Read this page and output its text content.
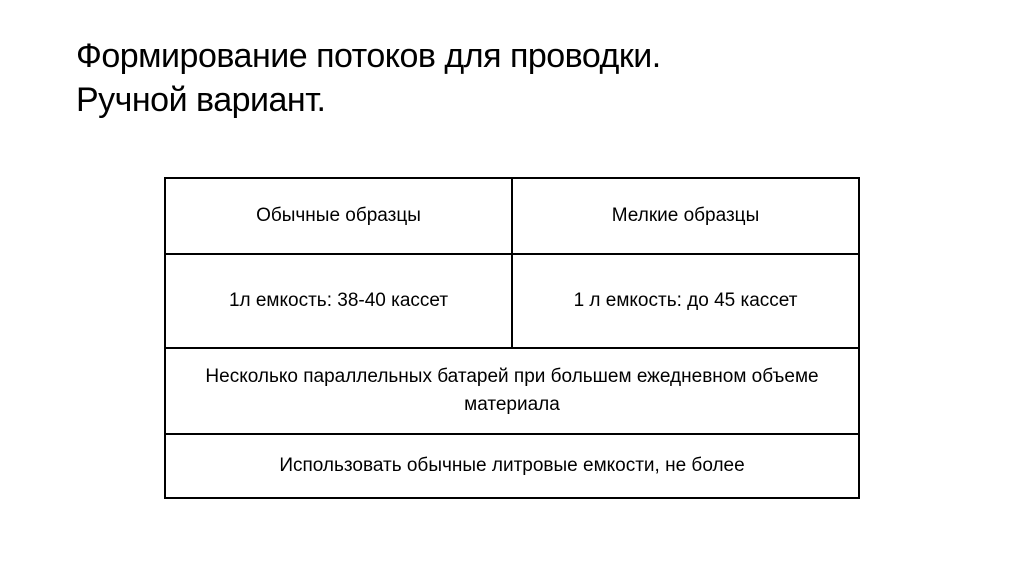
Формирование потоков для проводки.
Ручной вариант.
Обычные образцы	Мелкие образцы
1л емкость: 38-40 кассет	1 л емкость: до 45 кассет
Несколько параллельных батарей при большем ежедневном объеме материала	
Использовать обычные литровые емкости, не более	
